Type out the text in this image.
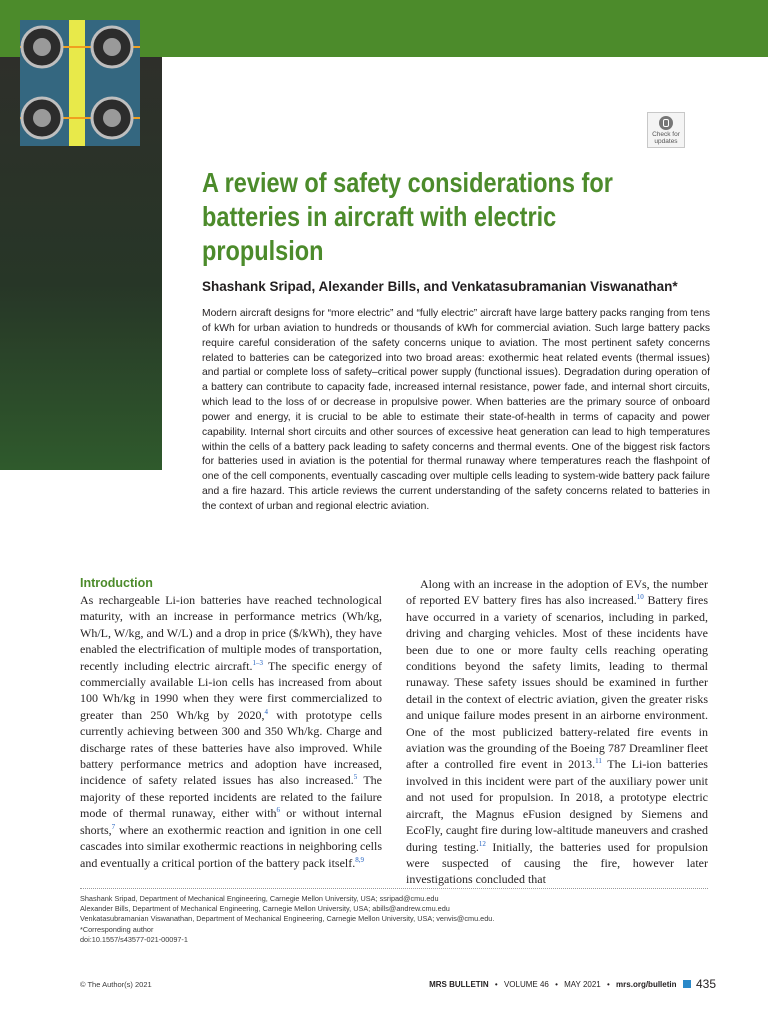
Check for updates
A review of safety considerations for batteries in aircraft with electric propulsion

Shashank Sripad, Alexander Bills, and Venkatasubramanian Viswanathan*

Modern aircraft designs for “more electric” and “fully electric” aircraft have large battery packs ranging from tens of kWh for urban aviation to hundreds or thousands of kWh for commercial aviation. Such large battery packs require careful consideration of the safety concerns unique to aviation. The most pertinent safety concerns related to batteries can be categorized into two broad areas: exothermic heat related events (thermal issues) and partial or complete loss of safety–critical power supply (functional issues). Degradation during operation of a battery can contribute to capacity fade, increased internal resistance, power fade, and internal short circuits, which lead to the loss of or decrease in propulsive power. When batteries are the primary source of onboard power and energy, it is crucial to be able to estimate their state-of-health in terms of capacity and power capability. Internal short circuits and other sources of excessive heat generation can lead to high temperatures within the cells of a battery pack leading to safety concerns and thermal events. One of the biggest risk factors for batteries used in aviation is the potential for thermal runaway where temperatures reach the flashpoint of one of the cell components, eventually cascading over multiple cells leading to system-wide battery pack failure and a fire hazard. This article reviews the current understanding of the safety concerns related to batteries in the context of urban and regional electric aviation.

Introduction

As rechargeable Li-ion batteries have reached technological maturity, with an increase in performance metrics (Wh/kg, Wh/L, W/kg, and W/L) and a drop in price ($/kWh), they have enabled the electrification of multiple modes of transportation, recently including electric aircraft.$^{1-3}$ The specific energy of commercially available Li-ion cells has increased from about 100 Wh/kg in 1990 when they were first commercialized to greater than 250 Wh/kg by 2020,$^4$ with prototype cells currently achieving between 300 and 350 Wh/kg. Charge and discharge rates of these batteries have also improved. While battery performance metrics and adoption have increased, incidence of safety related issues has also increased.$^5$ The majority of these reported incidents are related to the failure mode of thermal runaway, either with$^6$ or without internal shorts,$^7$ where an exothermic reaction and ignition in one cell cascades into similar exothermic reactions in neighboring cells and eventually a critical portion of the battery pack itself.$^{8,9}$

Along with an increase in the adoption of EVs, the number of reported EV battery fires has also increased.$^{10}$ Battery fires have occurred in a variety of scenarios, including in parked, driving and charging vehicles. Most of these incidents have been due to one or more faulty cells reaching operating conditions beyond the safety limits, leading to thermal runaway. These safety issues should be examined in further detail in the context of electric aviation, given the greater risks and unique failure modes present in an airborne environment. One of the most publicized battery-related fire events in aviation was the grounding of the Boeing 787 Dreamliner fleet after a controlled fire event in 2013.11 The Li-ion batteries involved in this incident were part of the auxiliary power unit and not used for propulsion. In 2018, a prototype electric aircraft, the Magnus eFusion designed by Siemens and EcoFly, caught fire during low-altitude maneuvers and crashed during testing.$^{12}$ Initially, the batteries used for propulsion were suspected of causing the fire, however later investigations concluded that

Shashank Sripad, Department of Mechanical Engineering, Carnegie Mellon University, USA; ssripad@cmu.edu
Alexander Bills, Department of Mechanical Engineering, Carnegie Mellon University, USA; abills@andrew.cmu.edu
Venkatasubramanian Viswanathan, Department of Mechanical Engineering, Carnegie Mellon University, USA; venvis@cmu.edu.
*Corresponding author
doi:10.1557/s43577-021-00097-1

© The Author(s) 2021	MRS BULLETIN • VOLUME 46 • MAY 2021 • mrs.org/bulletin 435
